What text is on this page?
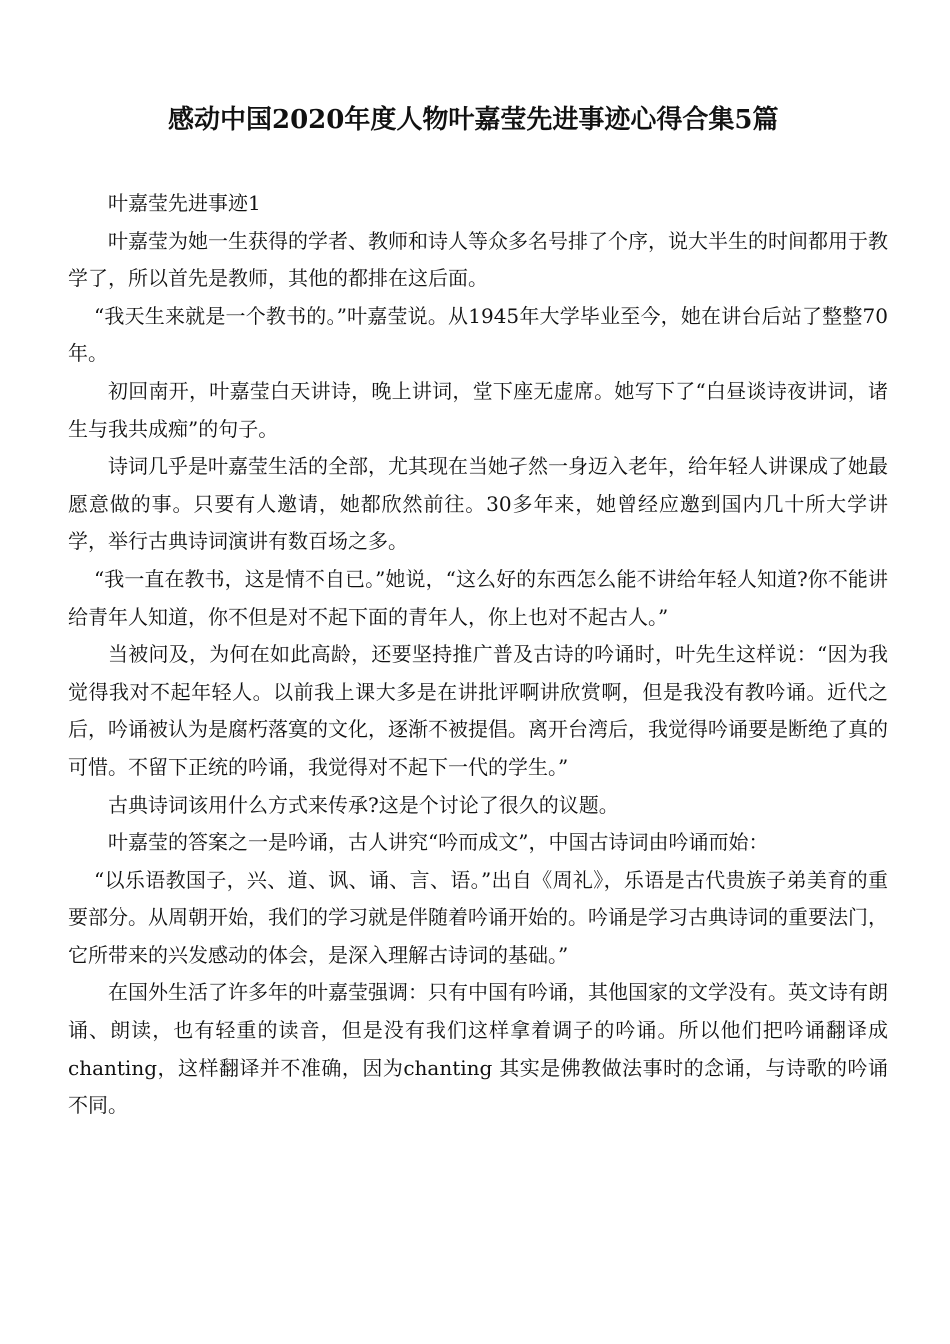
感动中国2020年度人物叶嘉莹先进事迹心得合集5篇

叶嘉莹先进事迹1

叶嘉莹为她一生获得的学者、教师和诗人等众多名号排了个序，说大半生的时间都用于教学了，所以首先是教师，其他的都排在这后面。

“我天生来就是一个教书的。”叶嘉莹说。从1945年大学毕业至今，她在讲台后站了整整70年。

初回南开，叶嘉莹白天讲诗，晚上讲词，堂下座无虚席。她写下了“白昼谈诗夜讲词，诸生与我共成痴”的句子。

诗词几乎是叶嘉莹生活的全部，尤其现在当她孑然一身迈入老年，给年轻人讲课成了她最愿意做的事。只要有人邀请，她都欣然前往。30多年来，她曾经应邀到国内几十所大学讲学，举行古典诗词演讲有数百场之多。

“我一直在教书，这是情不自已。”她说，“这么好的东西怎么能不讲给年轻人知道?你不能讲给青年人知道，你不但是对不起下面的青年人，你上也对不起古人。”

当被问及，为何在如此高龄，还要坚持推广普及古诗的吟诵时，叶先生这样说：“因为我觉得我对不起年轻人。以前我上课大多是在讲批评啊讲欣赏啊，但是我没有教吟诵。近代之后，吟诵被认为是腐朽落寞的文化，逐渐不被提倡。离开台湾后，我觉得吟诵要是断绝了真的可惜。不留下正统的吟诵，我觉得对不起下一代的学生。”

古典诗词该用什么方式来传承?这是个讨论了很久的议题。

叶嘉莹的答案之一是吟诵，古人讲究“吟而成文”，中国古诗词由吟诵而始：

“以乐语教国子，兴、道、讽、诵、言、语。”出自《周礼》，乐语是古代贵族子弟美育的重要部分。从周朝开始，我们的学习就是伴随着吟诵开始的。吟诵是学习古典诗词的重要法门，它所带来的兴发感动的体会，是深入理解古诗词的基础。”

在国外生活了许多年的叶嘉莹强调：只有中国有吟诵，其他国家的文学没有。英文诗有朗诵、朗读，也有轻重的读音，但是没有我们这样拿着调子的吟诵。所以他们把吟诵翻译成 chanting，这样翻译并不准确，因为chanting 其实是佛教做法事时的念诵，与诗歌的吟诵不同。
